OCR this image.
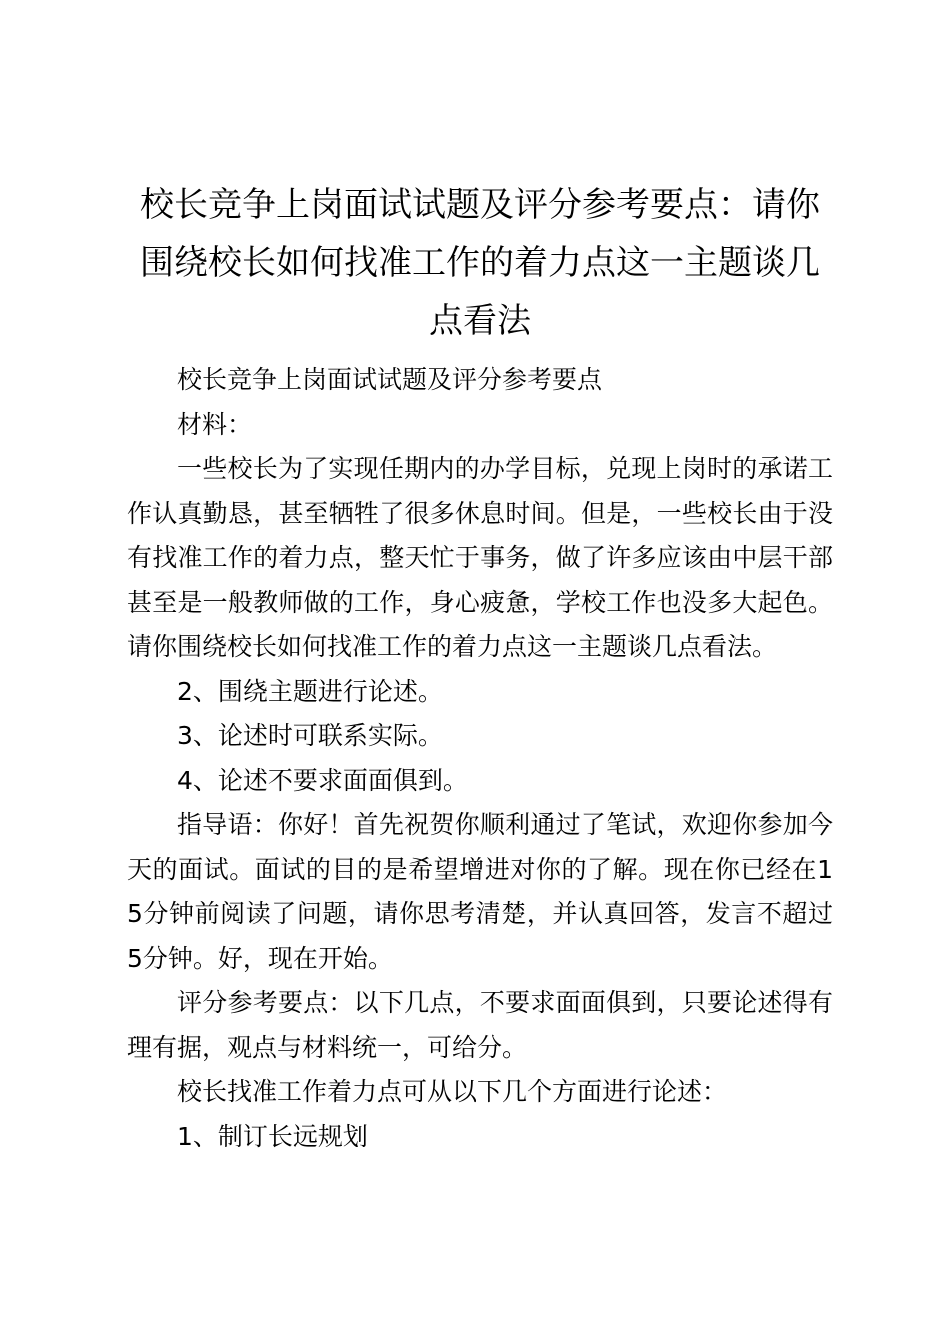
校长竞争上岗面试试题及评分参考要点：请你围绕校长如何找准工作的着力点这一主题谈几点看法

校长竞争上岗面试试题及评分参考要点

材料：

一些校长为了实现任期内的办学目标，兑现上岗时的承诺工作认真勤恳，甚至牺牲了很多休息时间。但是，一些校长由于没有找准工作的着力点，整天忙于事务，做了许多应该由中层干部甚至是一般教师做的工作，身心疲惫，学校工作也没多大起色。请你围绕校长如何找准工作的着力点这一主题谈几点看法。

2、围绕主题进行论述。

3、论述时可联系实际。

4、论述不要求面面俱到。

指导语：你好！首先祝贺你顺利通过了笔试，欢迎你参加今天的面试。面试的目的是希望增进对你的了解。现在你已经在15分钟前阅读了问题，请你思考清楚，并认真回答，发言不超过5分钟。好，现在开始。

评分参考要点：以下几点，不要求面面俱到，只要论述得有理有据，观点与材料统一，可给分。

校长找准工作着力点可从以下几个方面进行论述：

1、制订长远规划
